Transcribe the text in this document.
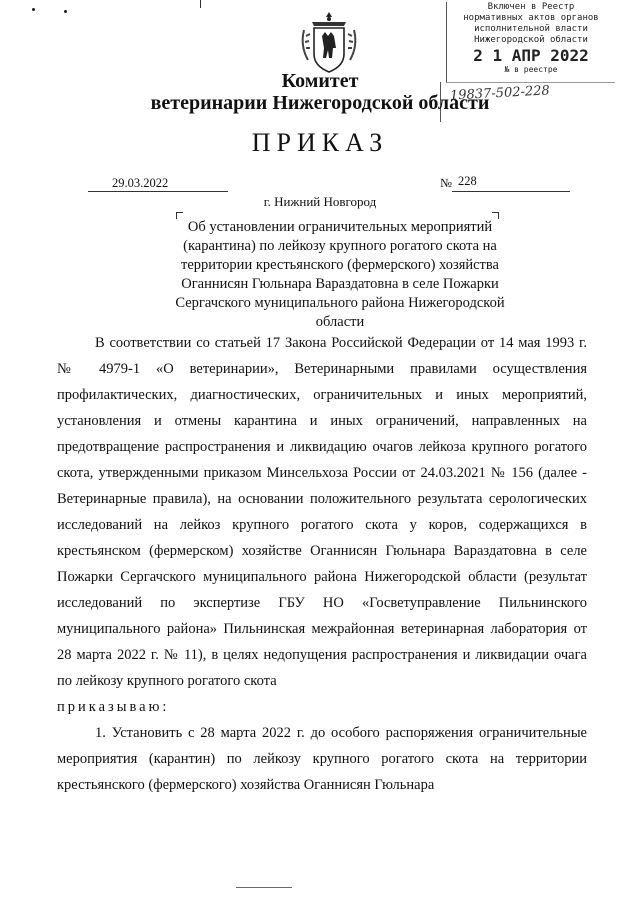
Включен в Реестр
нормативных актов органов
исполнительной власти
Нижегородской области
2 1 АПР 2022
№ в реестре
19837-502-228
Комитет
ветеринарии Нижегородской области
ПРИКАЗ
29.03.2022	№ 228
г. Нижний Новгород
Об установлении ограничительных мероприятий (карантина) по лейкозу крупного рогатого скота на территории крестьянского (фермерского) хозяйства Оганнисян Гюльнара Вараздатовна в селе Пожарки Сергачского муниципального района Нижегородской области

В соответствии со статьей 17 Закона Российской Федерации от 14 мая 1993 г. № 4979-1 «О ветеринарии», Ветеринарными правилами осуществления профилактических, диагностических, ограничительных и иных мероприятий, установления и отмены карантина и иных ограничений, направленных на предотвращение распространения и ликвидацию очагов лейкоза крупного рогатого скота, утвержденными приказом Минсельхоза России от 24.03.2021 № 156 (далее - Ветеринарные правила), на основании положительного результата серологических исследований на лейкоз крупного рогатого скота у коров, содержащихся в крестьянском (фермерском) хозяйстве Оганнисян Гюльнара Вараздатовна в селе Пожарки Сергачского муниципального района Нижегородской области (результат исследований по экспертизе ГБУ НО «Госветуправление Пильнинского муниципального района» Пильнинская межрайонная ветеринарная лаборатория от 28 марта 2022 г. № 11), в целях недопущения распространения и ликвидации очага по лейкозу крупного рогатого скота

приказываю:

1. Установить с 28 марта 2022 г. до особого распоряжения ограничительные мероприятия (карантин) по лейкозу крупного рогатого скота на территории крестьянского (фермерского) хозяйства Оганнисян Гюльнара
